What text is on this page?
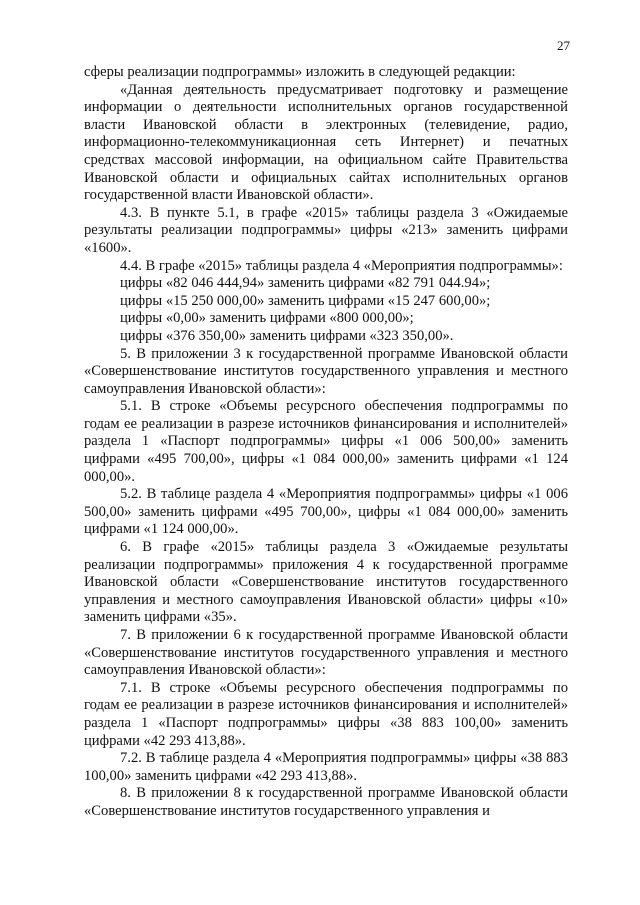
27

сферы реализации подпрограммы» изложить в следующей редакции:

«Данная деятельность предусматривает подготовку и размещение информации о деятельности исполнительных органов государственной власти Ивановской области в электронных (телевидение, радио, информационно-телекоммуникационная сеть Интернет) и печатных средствах массовой информации, на официальном сайте Правительства Ивановской области и официальных сайтах исполнительных органов государственной власти Ивановской области».

4.3. В пункте 5.1, в графе «2015» таблицы раздела 3 «Ожидаемые результаты реализации подпрограммы» цифры «213» заменить цифрами «1600».

4.4. В графе «2015» таблицы раздела 4 «Мероприятия подпрограммы»:

цифры «82 046 444,94» заменить цифрами «82 791 044.94»;

цифры «15 250 000,00» заменить цифрами «15 247 600,00»;

цифры «0,00» заменить цифрами «800 000,00»;

цифры «376 350,00» заменить цифрами «323 350,00».

5. В приложении 3 к государственной программе Ивановской области «Совершенствование институтов государственного управления и местного самоуправления Ивановской области»:

5.1. В строке «Объемы ресурсного обеспечения подпрограммы по годам ее реализации в разрезе источников финансирования и исполнителей» раздела 1 «Паспорт подпрограммы» цифры «1 006 500,00» заменить цифрами «495 700,00», цифры «1 084 000,00» заменить цифрами «1 124 000,00».

5.2. В таблице раздела 4 «Мероприятия подпрограммы» цифры «1 006 500,00» заменить цифрами «495 700,00», цифры «1 084 000,00» заменить цифрами «1 124 000,00».

6. В графе «2015» таблицы раздела 3 «Ожидаемые результаты реализации подпрограммы» приложения 4 к государственной программе Ивановской области «Совершенствование институтов государственного управления и местного самоуправления Ивановской области» цифры «10» заменить цифрами «35».

7. В приложении 6 к государственной программе Ивановской области «Совершенствование институтов государственного управления и местного самоуправления Ивановской области»:

7.1. В строке «Объемы ресурсного обеспечения подпрограммы по годам ее реализации в разрезе источников финансирования и исполнителей» раздела 1 «Паспорт подпрограммы» цифры «38 883 100,00» заменить цифрами «42 293 413,88».

7.2. В таблице раздела 4 «Мероприятия подпрограммы» цифры «38 883 100,00» заменить цифрами «42 293 413,88».

8. В приложении 8 к государственной программе Ивановской области «Совершенствование институтов государственного управления и
